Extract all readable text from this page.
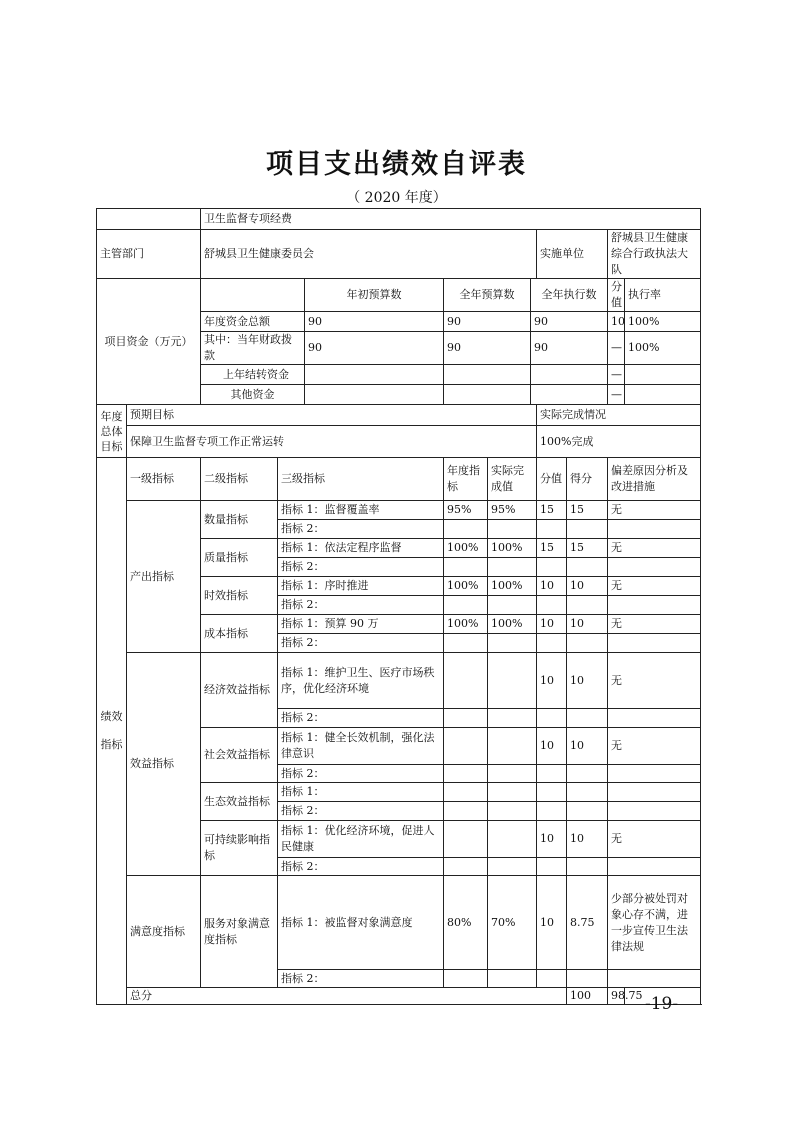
项目支出绩效自评表

（ 2020 年度）

		卫生监督专项经费										
主管部门		舒城县卫生健康委员会						实施单位		舒城县卫生健康综合行政执法大队		
项目资金（万元）				年初预算数	全年预算数		全年执行数			分值	执行率	
		年度资金总额		90	90		90			10	100%	
		其中：当年财政拨款		90	90		90			—	100%	
		上年结转资金								—		
		其他资金								—		
年度总体目标	预期目标							实际完成情况				
	保障卫生监督专项工作正常运转							100%完成				
绩效指标	一级指标	二级指标	三级指标		年度指　标	实际完成值		分值	得分	偏差原因分析及改进措施		
	产出指标	数量指标	指标 1：监督覆盖率		95%	95%		15	15	无		
			指标 2：									
		质量指标	指标 1：依法定程序监督		100%	100%		15	15	无		
			指标 2：									
		时效指标	指标 1：序时推进		100%	100%		10	10	无		
			指标 2：									
		成本指标	指标 1：预算 90 万		100%	100%		10	10	无		
			指标 2：									
	效益指标	经济效益指标	指标 1：维护卫生、医疗市场秩序，优化经济环境					10	10	无		
			指标 2：									
		社会效益指标	指标 1：健全长效机制，强化法律意识					10	10	无		
			指标 2：									
		生态效益指标	指标 1：									
			指标 2：									
		可持续影响指标	指标 1：优化经济环境，促进人民健康					10	10	无		
			指标 2：									
	满意度指标	服务对象满意度指标	指标 1：被监督对象满意度		80%	70%		10	8.75	少部分被处罚对象心存不满，进一步宣传卫生法律法规		
			指标 2：									
	总分								100	98.75		-19-
